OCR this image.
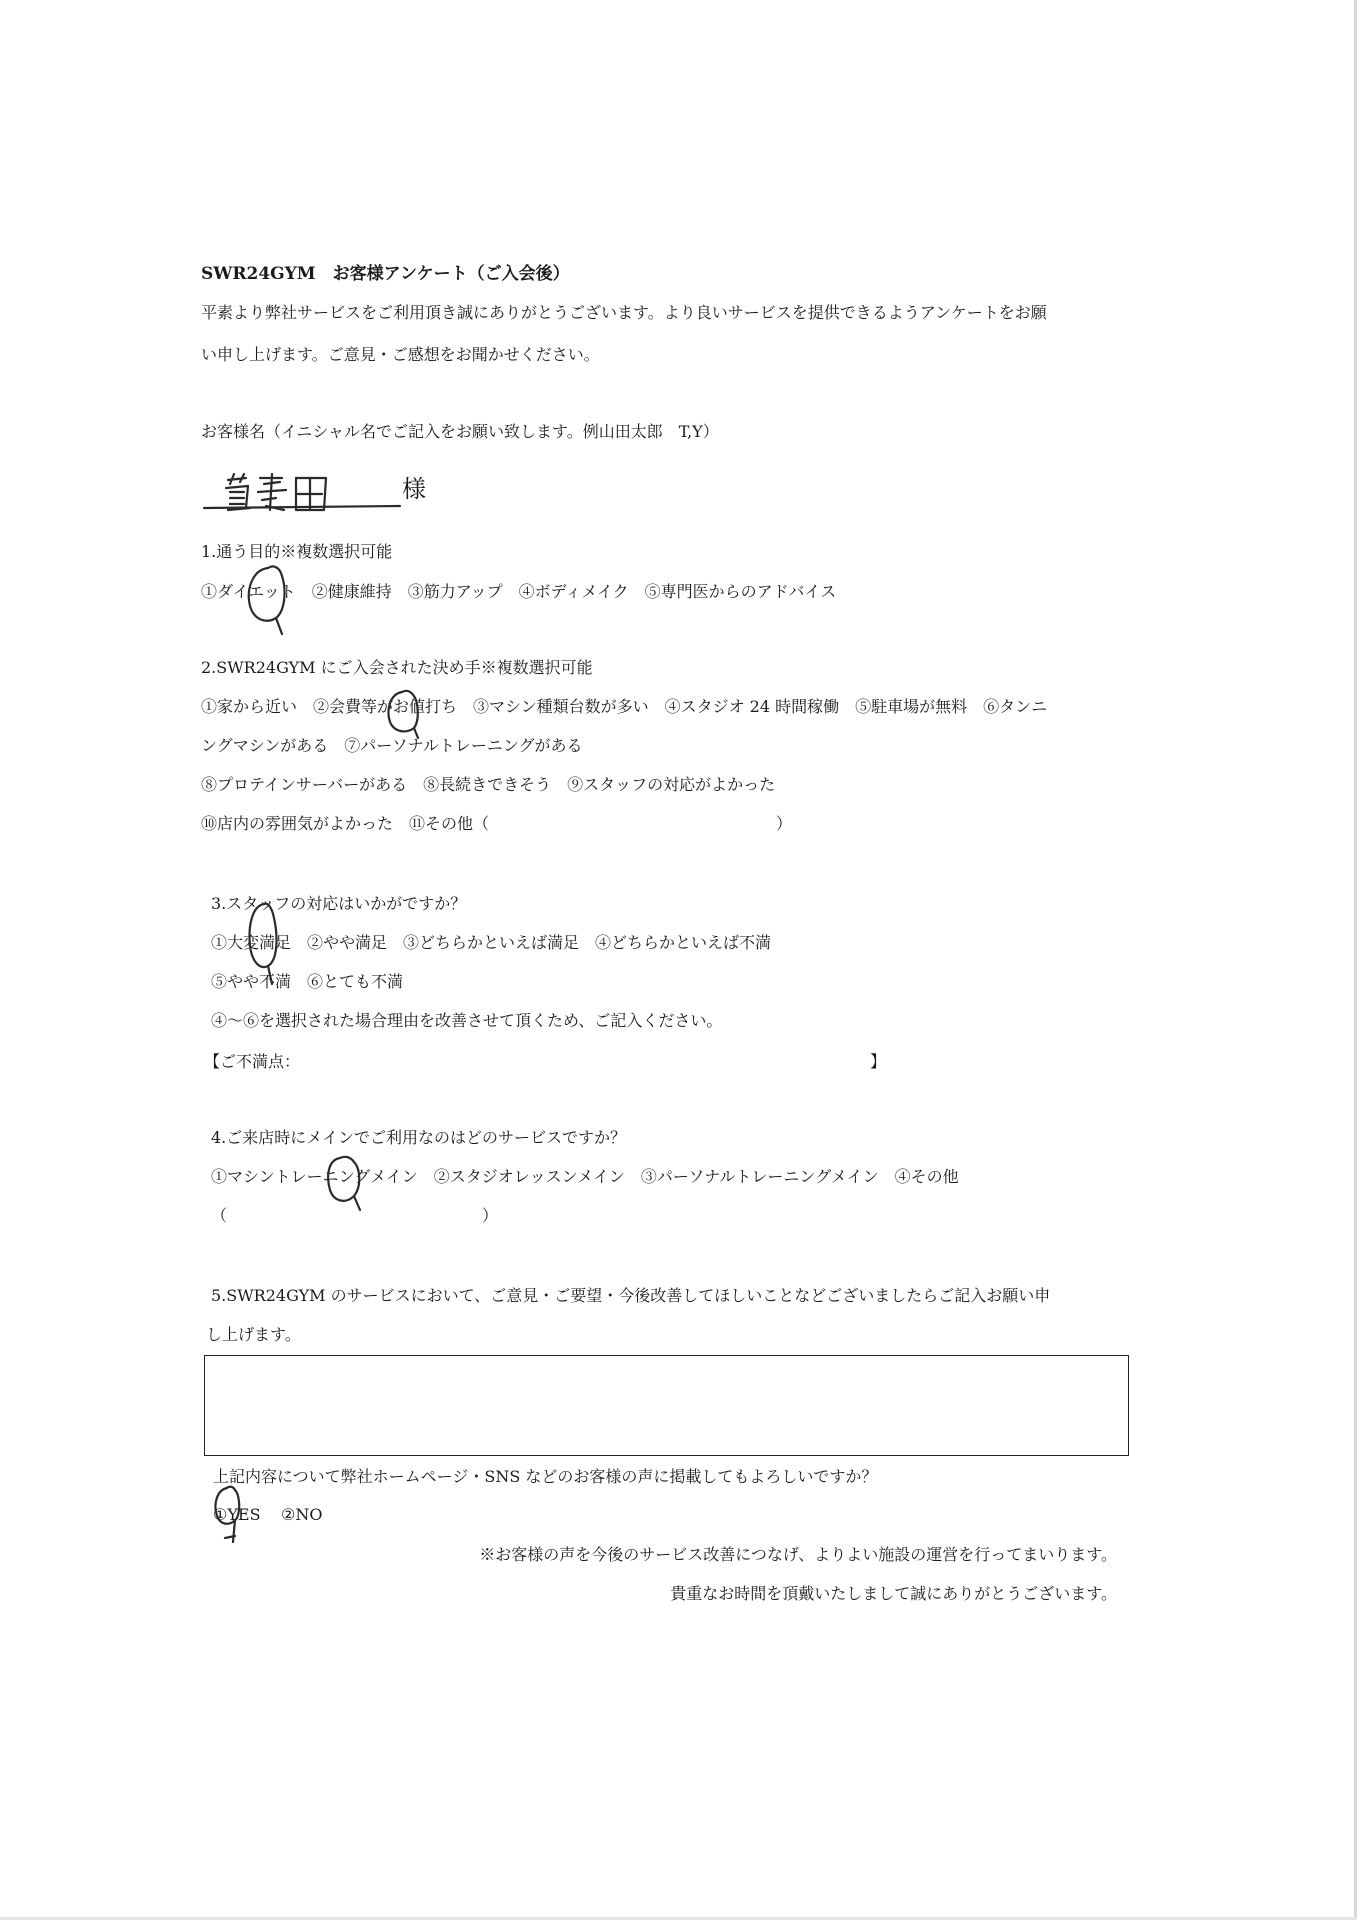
SWR24GYM　お客様アンケート（ご入会後）
平素より弊社サービスをご利用頂き誠にありがとうございます。より良いサービスを提供できるようアンケートをお願
い申し上げます。ご意見・ご感想をお聞かせください。
お客様名（イニシャル名でご記入をお願い致します。例山田太郎　T,Y）
様
1.通う目的※複数選択可能
①ダイエット　②健康維持　③筋力アップ　④ボディメイク　⑤専門医からのアドバイス
2.SWR24GYM にご入会された決め手※複数選択可能
①家から近い　②会費等がお値打ち　③マシン種類台数が多い　④スタジオ 24 時間稼働　⑤駐車場が無料　⑥タンニ
ングマシンがある　⑦パーソナルトレーニングがある
⑧プロテインサーバーがある　⑧長続きできそう　⑨スタッフの対応がよかった
⑩店内の雰囲気がよかった　⑪その他（	）
3.スタッフの対応はいかがですか？
①大変満足　②やや満足　③どちらかといえば満足　④どちらかといえば不満
⑤やや不満　⑥とても不満
④～⑥を選択された場合理由を改善させて頂くため、ご記入ください。
【ご不満点：	】
4.ご来店時にメインでご利用なのはどのサービスですか？
①マシントレーニングメイン　②スタジオレッスンメイン　③パーソナルトレーニングメイン　④その他
（	）
5.SWR24GYM のサービスにおいて、ご意見・ご要望・今後改善してほしいことなどございましたらご記入お願い申
し上げます。
上記内容について弊社ホームページ・SNS などのお客様の声に掲載してもよろしいですか？
①YES ②NO
※お客様の声を今後のサービス改善につなげ、よりよい施設の運営を行ってまいります。
貴重なお時間を頂戴いたしまして誠にありがとうございます。
